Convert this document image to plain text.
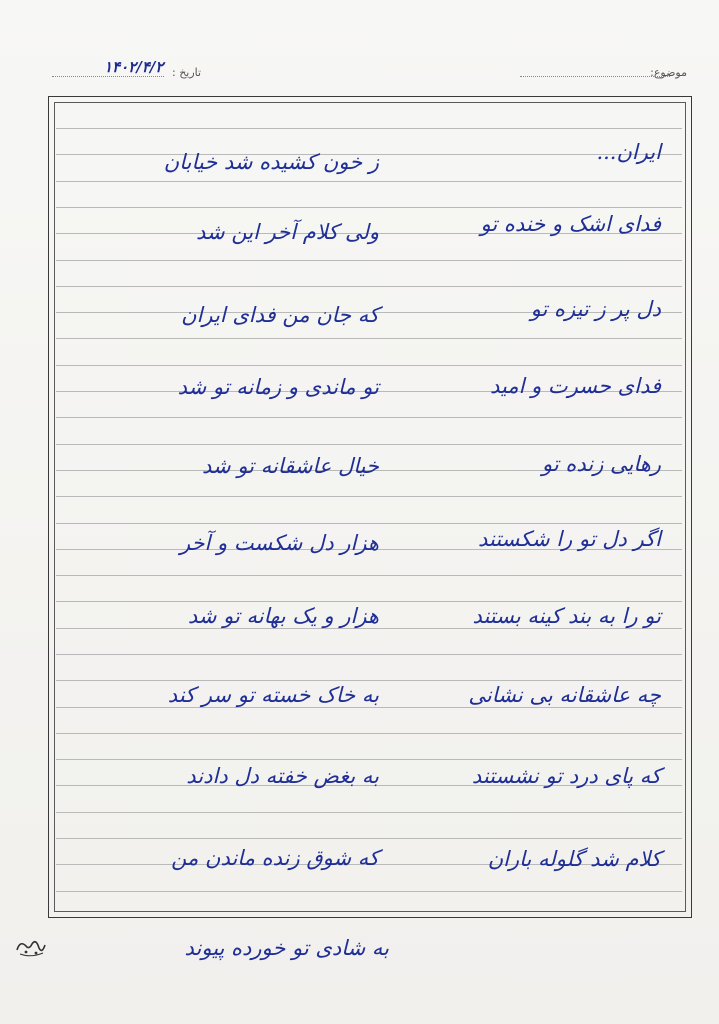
موضوع:
تاریخ :
۱۴۰۲/۴/۲
ایران...
فدای اشک و خنده تو
دل پر ز تیزه تو
فدای حسرت و امید
رهایی زنده تو
اگر دل تو را شکستند
تو را به بند کینه بستند
چه عاشقانه بی نشانی
که پای درد تو نشستند
کلام شد گلوله باران
ز خون کشیده شد خیابان
ولی کلام آخر این شد
که جان من فدای ایران
تو ماندی و زمانه تو شد
خیال عاشقانه تو شد
هزار دل شکست و آخر
هزار و یک بهانه تو شد
به خاک خسته تو سر کند
به بغض خفته دل دادند
که شوق زنده ماندن من
به شادی تو خورده پیوند
